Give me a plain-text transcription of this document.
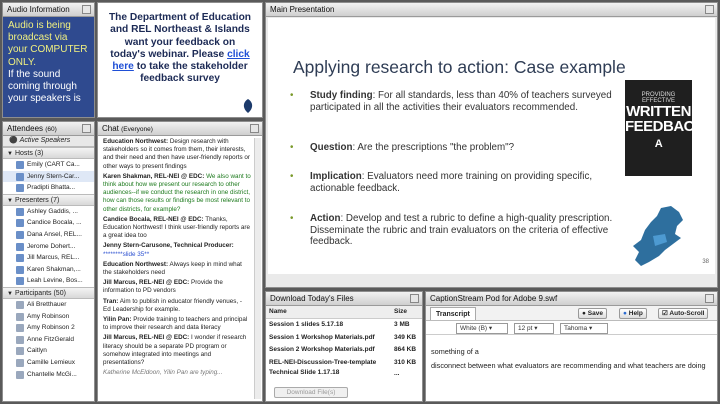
Audio Information
Audio is being
broadcast via
your COMPUTER
ONLY.
If the sound
coming through
your speakers is
The Department of Education
and REL Northeast & Islands
want your feedback on
today's webinar. Please click
here to take the stakeholder
feedback survey
Attendees (60)
⚫ Active Speakers
▼ Hosts (3)
Emily (CART Ca...
Jenny Stern-Car...
Pradipti Bhatta...
▼ Presenters (7)
Ashley Gaddis, ...
Candice Bocala, ...
Dana Ansel, REL...
Jerome Dohert...
Jill Marcus, REL...
Karen Shakman,...
Leah Levine, Bos...
▼ Participants (50)
Ali Bretthauer
Amy Robinson
Amy Robinson 2
Anne FitzGerald
Caitlyn
Camille Lemieux
Chantelle McGi...
Chat (Everyone)

Education Northwest: Design research with stakeholders so it comes from them, their interests, and their need and then have user-friendly reports or other ways to present findings

Karen Shakman, REL-NEI @ EDC: We also want to think about how we present our research to other audiences--if we conduct the research in one district, how can those results or findings be most relevant to other districts, for example?

Candice Bocala, REL-NEI @ EDC: Thanks, Education Northwest! I think user-friendly reports are a great idea too

Jenny Stern-Carusone, Technical Producer:
********slide 35**

Education Northwest: Always keep in mind what the stakeholders need

Jill Marcus, REL-NEI @ EDC: Provide the information to PD vendors

Tran: Aim to publish in educator friendly venues, - Ed Leadership for example.

Yilin Pan: Provide training to teachers and principal to improve their research and data literacy

Jill Marcus, REL-NEI @ EDC: I wonder if research literacy should be a separate PD program or somehow integrated into meetings and presentations?

Katherine McEldoon, Yilin Pan are typing...

Main Presentation
Applying research to action: Case example
•	Study finding: For all standards, less than 40% of teachers surveyed participated in all the activities their evaluators recommended.
•	Question: Are the prescriptions "the problem"?
•	Implication: Evaluators need more training on providing specific, actionable feedback.
•	Action: Develop and test a rubric to define a high-quality prescription. Disseminate the rubric and train evaluators on the criteria of effective feedback.
PROVIDING EFFECTIVE
WRITTEN
FEEDBACK
A
38
Download Today's Files
Name	Size
Session 1 slides 5.17.18	3 MB
Session 1 Workshop Materials.pdf	349 KB
Session 2 Workshop Materials.pdf	864 KB
REL-NEI-Discussion-Tree-template	310 KB
Technical Slide 1.17.18	...
Download File(s)
CaptionStream Pod for Adobe 9.swf
Transcript	● Save	● Help	☑ Auto-Scroll
White (B) ▾	12 pt ▾	Tahoma ▾
something of a
disconnect between what evaluators are recommending and what teachers are doing
